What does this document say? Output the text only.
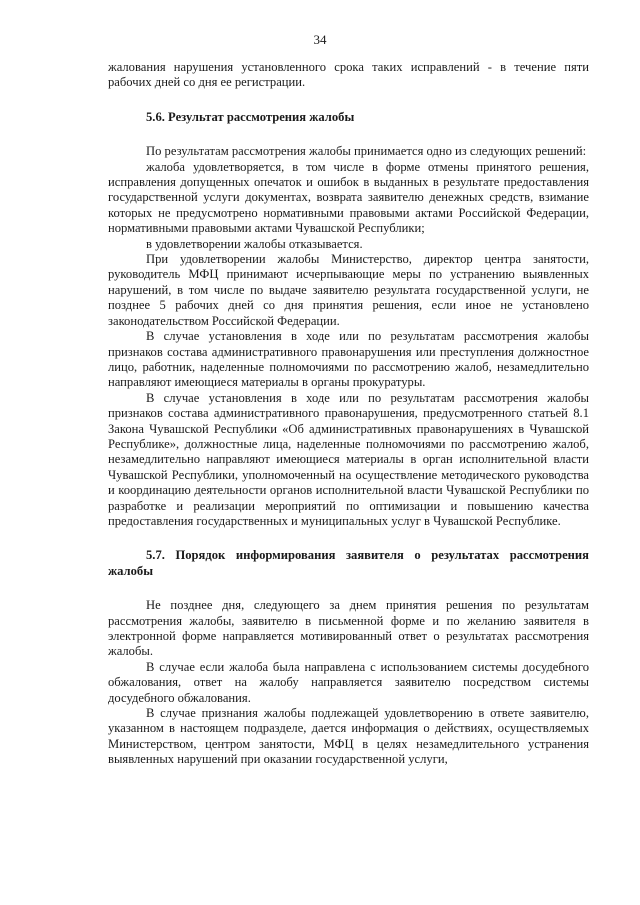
34

жалования нарушения установленного срока таких исправлений - в течение пяти рабочих дней со дня ее регистрации.

5.6. Результат рассмотрения жалобы

По результатам рассмотрения жалобы принимается одно из следующих решений:

жалоба удовлетворяется, в том числе в форме отмены принятого решения, исправления допущенных опечаток и ошибок в выданных в результате предоставления государственной услуги документах, возврата заявителю денежных средств, взимание которых не предусмотрено нормативными правовыми актами Российской Федерации, нормативными правовыми актами Чувашской Республики;

в удовлетворении жалобы отказывается.

При удовлетворении жалобы Министерство, директор центра занятости, руководитель МФЦ принимают исчерпывающие меры по устранению выявленных нарушений, в том числе по выдаче заявителю результата государственной услуги, не позднее 5 рабочих дней со дня принятия решения, если иное не установлено законодательством Российской Федерации.

В случае установления в ходе или по результатам рассмотрения жалобы признаков состава административного правонарушения или преступления должностное лицо, работник, наделенные полномочиями по рассмотрению жалоб, незамедлительно направляют имеющиеся материалы в органы прокуратуры.

В случае установления в ходе или по результатам рассмотрения жалобы признаков состава административного правонарушения, предусмотренного статьей 8.1 Закона Чувашской Республики «Об административных правонарушениях в Чувашской Республике», должностные лица, наделенные полномочиями по рассмотрению жалоб, незамедлительно направляют имеющиеся материалы в орган исполнительной власти Чувашской Республики, уполномоченный на осуществление методического руководства и координацию деятельности органов исполнительной власти Чувашской Республики по разработке и реализации мероприятий по оптимизации и повышению качества предоставления государственных и муниципальных услуг в Чувашской Республике.

5.7. Порядок информирования заявителя о результатах рассмотрения жалобы

Не позднее дня, следующего за днем принятия решения по результатам рассмотрения жалобы, заявителю в письменной форме и по желанию заявителя в электронной форме направляется мотивированный ответ о результатах рассмотрения жалобы.

В случае если жалоба была направлена с использованием системы досудебного обжалования, ответ на жалобу направляется заявителю посредством системы досудебного обжалования.

В случае признания жалобы подлежащей удовлетворению в ответе заявителю, указанном в настоящем подразделе, дается информация о действиях, осуществляемых Министерством, центром занятости, МФЦ в целях незамедлительного устранения выявленных нарушений при оказании государственной услуги,
